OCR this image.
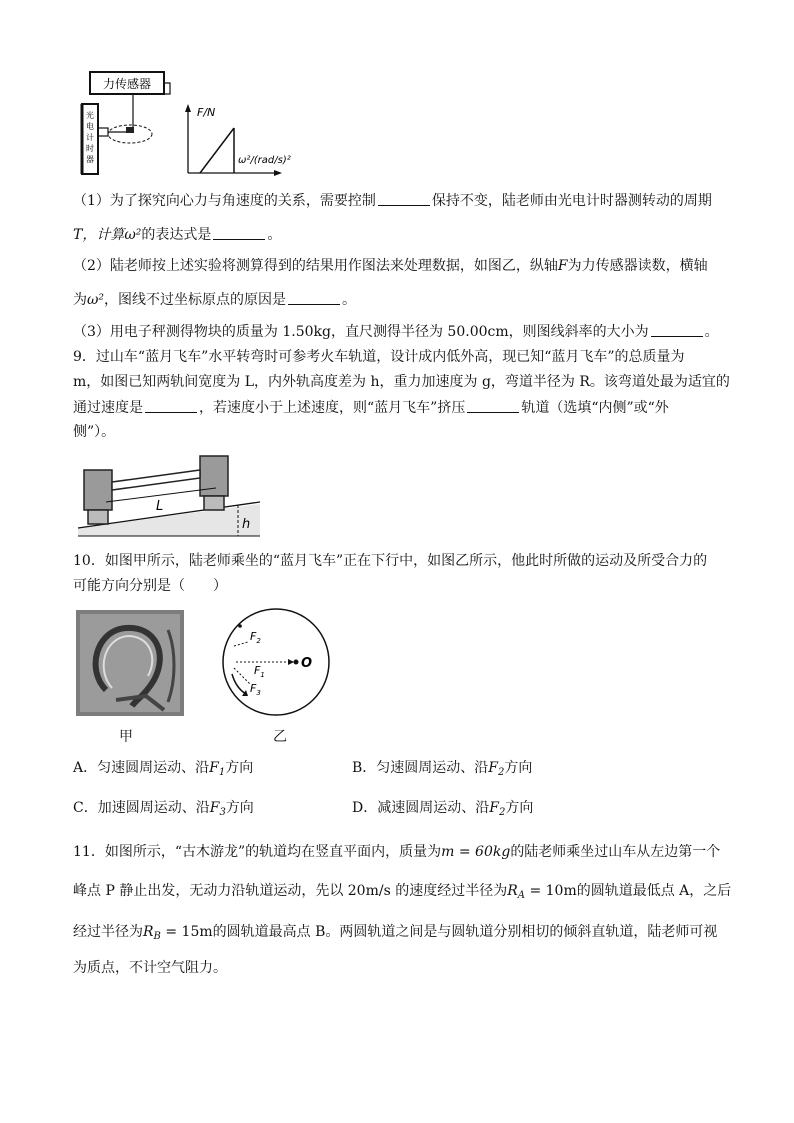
力传感器
光
电
计
时
器
F/N
ω²/(rad/s)²
（1）为了探究向心力与角速度的关系，需要控制	保持不变，陆老师由光电计时器测转动的周期
T，计算ω²的表达式是	。
（2）陆老师按上述实验将测算得到的结果用作图法来处理数据，如图乙，纵轴F为力传感器读数，横轴
为ω²，图线不过坐标原点的原因是	。
（3）用电子秤测得物块的质量为 1.50kg，直尺测得半径为 50.00cm，则图线斜率的大小为	。
9．过山车“蓝月飞车”水平转弯时可参考火车轨道，设计成内低外高，现已知“蓝月飞车”的总质量为
m，如图已知两轨间宽度为 L，内外轨高度差为 h，重力加速度为 g，弯道半径为 R。该弯道处最为适宜的
通过速度是	，若速度小于上述速度，则“蓝月飞车”挤压	轨道（选填“内侧”或“外
侧”）。
L
h
10．如图甲所示，陆老师乘坐的“蓝月飞车”正在下行中，如图乙所示，他此时所做的运动及所受合力的
可能方向分别是（　　）
甲
O
$F_2$
$F_1$
$F_3$
乙
A．匀速圆周运动、沿$F_1$方向	B．匀速圆周运动、沿$F_2$方向
C．加速圆周运动、沿$F_3$方向	D．减速圆周运动、沿$F_2$方向
11．如图所示，“古木游龙”的轨道均在竖直平面内，质量为m = 60kg的陆老师乘坐过山车从左边第一个
峰点 P 静止出发，无动力沿轨道运动，先以 20m/s 的速度经过半径为$R_A = 10m$的圆轨道最低点 A，之后
经过半径为$R_B = 15m$的圆轨道最高点 B。两圆轨道之间是与圆轨道分别相切的倾斜直轨道，陆老师可视
为质点，不计空气阻力。
